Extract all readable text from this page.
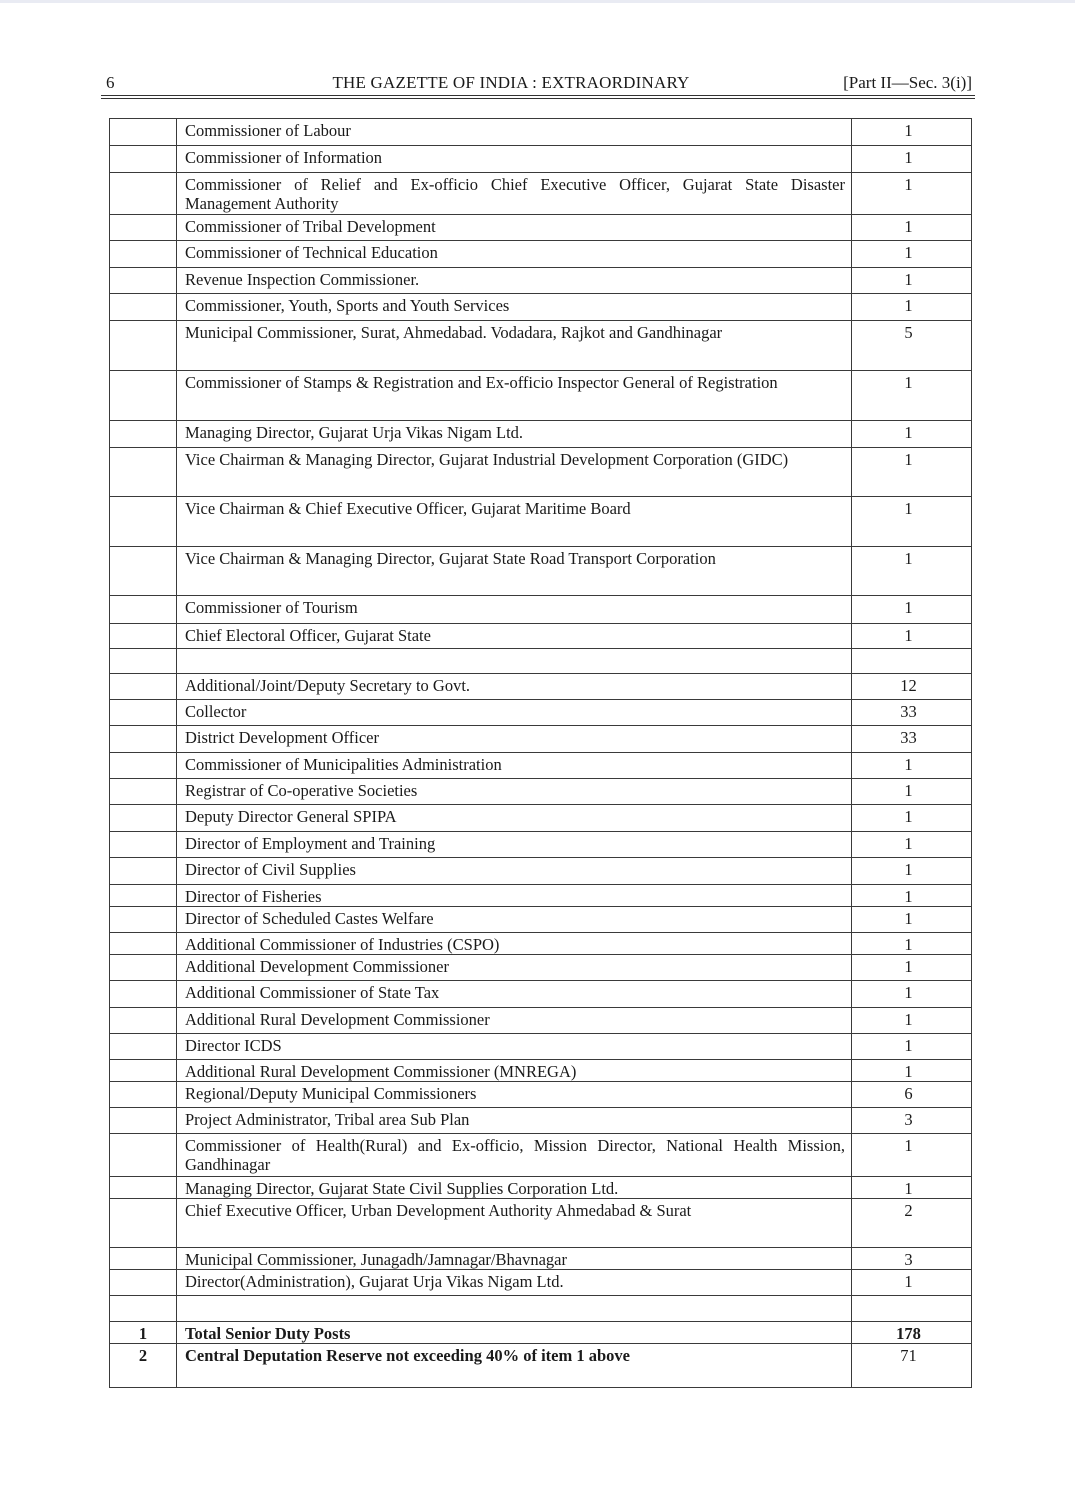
6	THE GAZETTE OF INDIA : EXTRAORDINARY	[Part II—Sec. 3(i)]

	Commissioner of Labour	1

	Commissioner of Information	1

	Commissioner of Relief and Ex-officio Chief Executive Officer, Gujarat State Disaster Management Authority	1

	Commissioner of Tribal Development	1

	Commissioner of Technical Education	1

	Revenue Inspection Commissioner.	1

	Commissioner, Youth, Sports and Youth Services	1

	Municipal Commissioner, Surat, Ahmedabad. Vodadara, Rajkot and Gandhinagar	5

	Commissioner of Stamps & Registration and Ex-officio Inspector General of Registration	1

	Managing Director, Gujarat Urja Vikas Nigam Ltd.	1

	Vice Chairman & Managing Director, Gujarat Industrial Development Corporation (GIDC)	1

	Vice Chairman & Chief Executive Officer, Gujarat Maritime Board	1

	Vice Chairman & Managing Director, Gujarat State Road Transport Corporation	1

	Commissioner of Tourism	1

	Chief Electoral Officer, Gujarat State	1

	Additional/Joint/Deputy Secretary to Govt.	12

	Collector	33

	District Development Officer	33

	Commissioner of Municipalities Administration	1

	Registrar of Co-operative Societies	1

	Deputy Director General SPIPA	1

	Director of Employment and Training	1

	Director of Civil Supplies	1

	Director of Fisheries	1

	Director of Scheduled Castes Welfare	1

	Additional Commissioner of Industries (CSPO)	1

	Additional Development Commissioner	1

	Additional Commissioner of State Tax	1

	Additional Rural Development Commissioner	1

	Director ICDS	1

	Additional Rural Development Commissioner (MNREGA)	1

	Regional/Deputy Municipal Commissioners	6

	Project Administrator, Tribal area Sub Plan	3

	Commissioner of Health(Rural) and Ex-officio, Mission Director, National Health Mission, Gandhinagar	1

	Managing Director, Gujarat State Civil Supplies Corporation Ltd.	1

	Chief Executive Officer, Urban Development Authority Ahmedabad & Surat	2

	Municipal Commissioner, Junagadh/Jamnagar/Bhavnagar	3

	Director(Administration), Gujarat Urja Vikas Nigam Ltd.	1

1	Total Senior Duty Posts	178

2	Central Deputation Reserve not exceeding 40% of item 1 above	71
